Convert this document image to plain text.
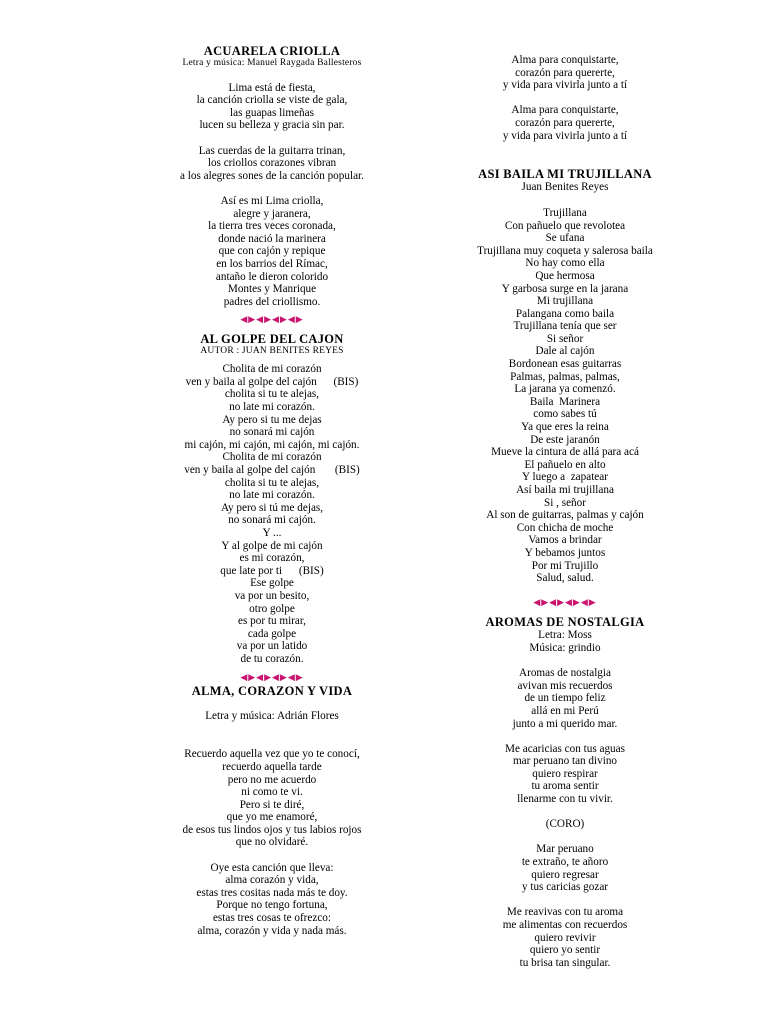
ACUARELA CRIOLLA
Letra y música: Manuel Raygada Ballesteros
Lima está de fiesta,
la canción criolla se viste de gala,
las guapas limeñas
lucen su belleza y gracia sin par.
Las cuerdas de la guitarra trinan,
los criollos corazones vibran
a los alegres sones de la canción popular.
Así es mi Lima criolla,
alegre y jaranera,
la tierra tres veces coronada,
donde nació la marinera
que con cajón y repique
en los barrios del Rímac,
antaño le dieron colorido
Montes y Manrique
padres del criollismo.
◀▶◀▶◀▶◀▶
AL GOLPE DEL CAJON
AUTOR : JUAN BENITES REYES
Cholita de mi corazón
ven y baila al golpe del cajón      (BIS)
cholita si tu te alejas,
no late mi corazón.
Ay pero si tu me dejas
no sonará mi cajón
mi cajón, mi cajón, mi cajón, mi cajón.
Cholita de mi corazón
ven y baila al golpe del cajón       (BIS)
cholita si tu te alejas,
no late mi corazón.
Ay pero si tú me dejas,
no sonará mi cajón.
Y ...
Y al golpe de mi cajón
es mi corazón,
que late por ti      (BIS)
Ese golpe
va por un besito,
otro golpe
es por tu mirar,
cada golpe
va por un latido
de tu corazón.
◀▶◀▶◀▶◀▶
ALMA, CORAZON Y VIDA
Letra y música: Adrián Flores
Recuerdo aquella vez que yo te conocí,
recuerdo aquella tarde
pero no me acuerdo
ni como te vi.
Pero si te diré,
que yo me enamoré,
de esos tus lindos ojos y tus labios rojos
que no olvidaré.
Oye esta canción que lleva:
alma corazón y vida,
estas tres cositas nada más te doy.
Porque no tengo fortuna,
estas tres cosas te ofrezco:
alma, corazón y vida y nada más.
Alma para conquistarte,
corazón para quererte,
y vida para vivirla junto a tí
Alma para conquistarte,
corazón para quererte,
y vida para vivirla junto a tí
ASI BAILA MI TRUJILLANA
Juan Benites Reyes
Trujillana
Con pañuelo que revolotea
Se ufana
Trujillana muy coqueta y salerosa baila
No hay como ella
Que hermosa
Y garbosa surge en la jarana
Mi trujillana
Palangana como baila
Trujillana tenía que ser
Si señor
Dale al cajón
Bordonean esas guitarras
Palmas, palmas, palmas,
La jarana ya comenzó.
Baila  Marinera
como sabes tú
Ya que eres la reina
De este jaranón
Mueve la cintura de allá para acá
El pañuelo en alto
Y luego a  zapatear
Así baila mi trujillana
Si , señor
Al son de guitarras, palmas y cajón
Con chicha de moche
Vamos a brindar
Y bebamos juntos
Por mi Trujillo
Salud, salud.
◀▶◀▶◀▶◀▶
AROMAS DE NOSTALGIA
Letra: Moss
Música: grindio
Aromas de nostalgia
avivan mis recuerdos
de un tiempo feliz
allá en mi Perú
junto a mi querido mar.
Me acaricias con tus aguas
mar peruano tan divino
quiero respirar
tu aroma sentir
llenarme con tu vivir.
(CORO)
Mar peruano
te extraño, te añoro
quiero regresar
y tus caricias gozar
Me reavivas con tu aroma
me alimentas con recuerdos
quiero revivir
quiero yo sentir
tu brisa tan singular.
